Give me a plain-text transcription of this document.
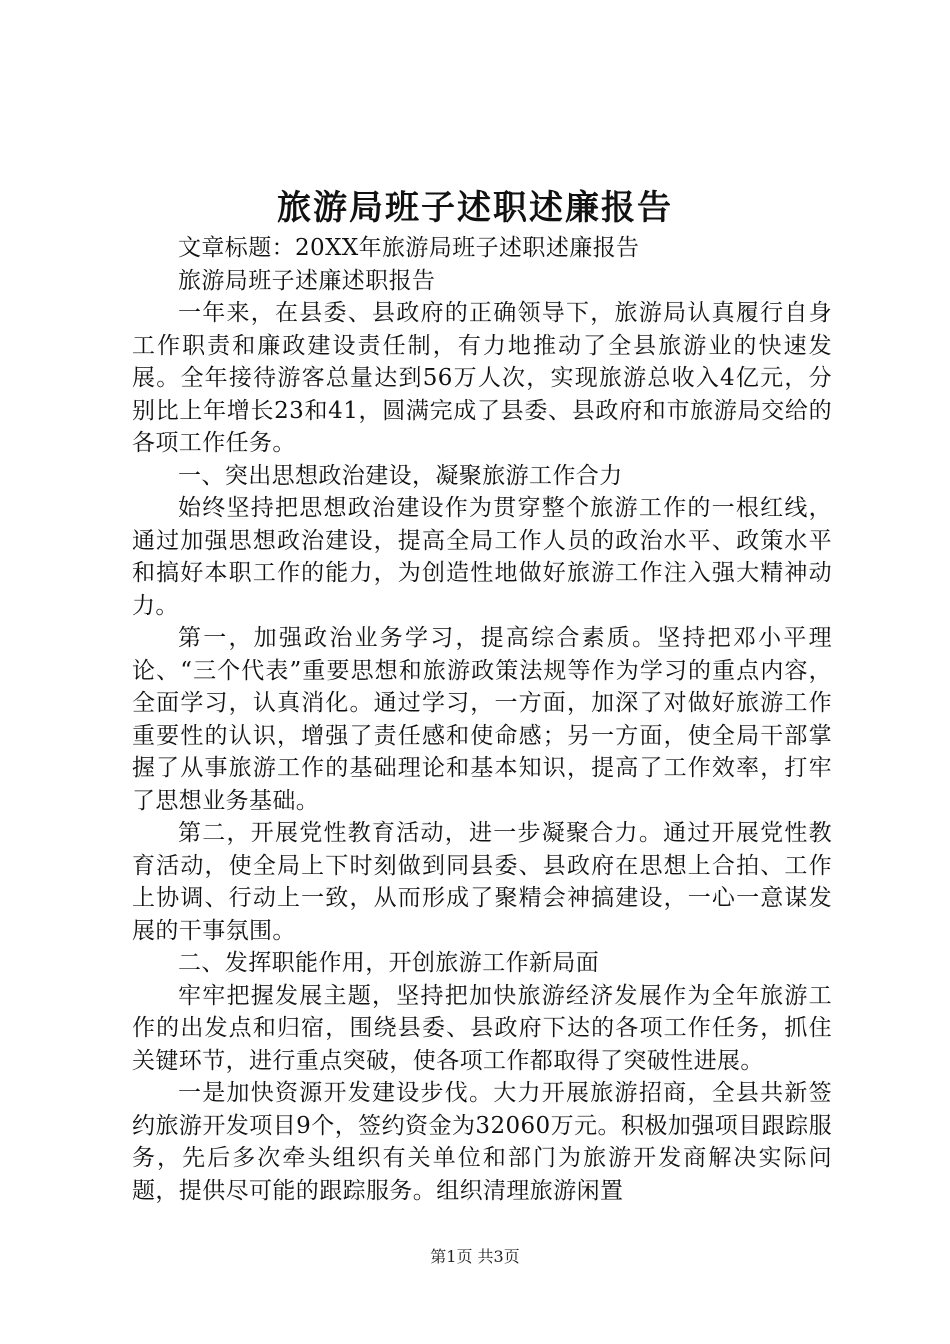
旅游局班子述职述廉报告

文章标题：20XX年旅游局班子述职述廉报告

旅游局班子述廉述职报告

一年来，在县委、县政府的正确领导下，旅游局认真履行自身工作职责和廉政建设责任制，有力地推动了全县旅游业的快速发展。全年接待游客总量达到56万人次，实现旅游总收入4亿元，分别比上年增长23和41，圆满完成了县委、县政府和市旅游局交给的各项工作任务。

一、突出思想政治建设，凝聚旅游工作合力

始终坚持把思想政治建设作为贯穿整个旅游工作的一根红线，通过加强思想政治建设，提高全局工作人员的政治水平、政策水平和搞好本职工作的能力，为创造性地做好旅游工作注入强大精神动力。

第一，加强政治业务学习，提高综合素质。坚持把邓小平理论、“三个代表”重要思想和旅游政策法规等作为学习的重点内容，全面学习，认真消化。通过学习，一方面，加深了对做好旅游工作重要性的认识，增强了责任感和使命感；另一方面，使全局干部掌握了从事旅游工作的基础理论和基本知识，提高了工作效率，打牢了思想业务基础。

第二，开展党性教育活动，进一步凝聚合力。通过开展党性教育活动，使全局上下时刻做到同县委、县政府在思想上合拍、工作上协调、行动上一致，从而形成了聚精会神搞建设，一心一意谋发展的干事氛围。

二、发挥职能作用，开创旅游工作新局面

牢牢把握发展主题，坚持把加快旅游经济发展作为全年旅游工作的出发点和归宿，围绕县委、县政府下达的各项工作任务，抓住关键环节，进行重点突破，使各项工作都取得了突破性进展。

一是加快资源开发建设步伐。大力开展旅游招商，全县共新签约旅游开发项目9个，签约资金为32060万元。积极加强项目跟踪服务，先后多次牵头组织有关单位和部门为旅游开发商解决实际问题，提供尽可能的跟踪服务。组织清理旅游闲置

第1页 共3页
